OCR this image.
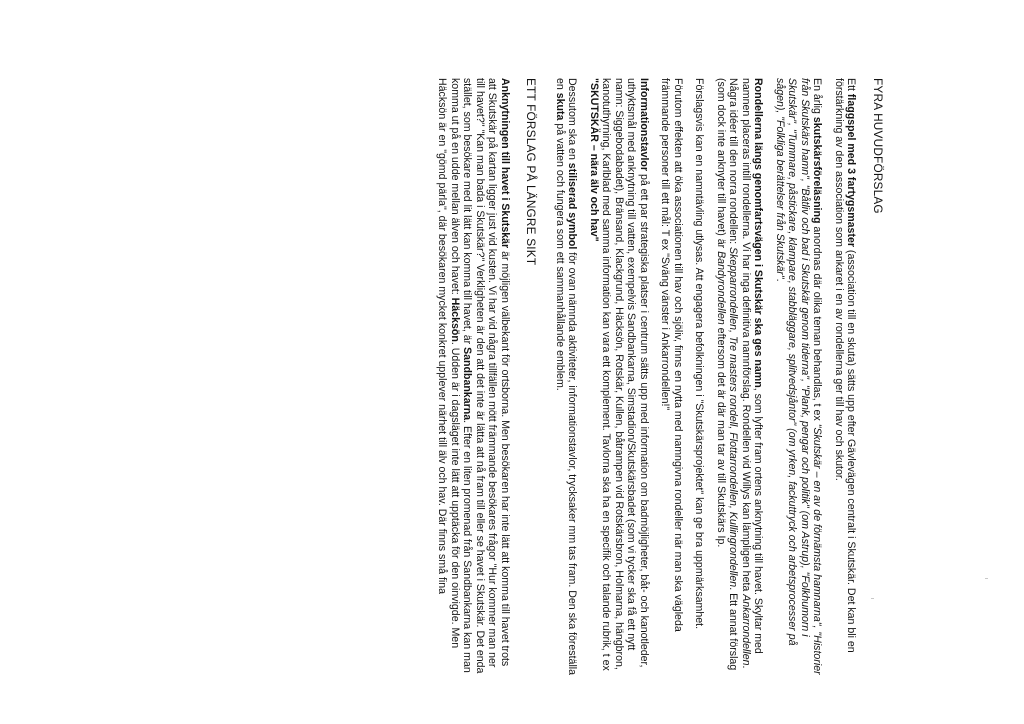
FYRA HUVUDFÖRSLAG

Ett flaggspel med 3 fartygsmaster (association till en skuta) sätts upp efter Gävlevägen centralt i Skutskär. Det kan bli en förstärkning av den association som ankaret i en av rondellerna ger till hav och skutor.

En årlig skutskärsföreläsning anordnas där olika teman behandlas, t ex "Skutskär – en av de förnämsta hamnarna", "Historier från Skutskärs hamn", "Båtliv och bad i Skutskär genom tiderna", "Plank, pengar och politik" (om Astrup), "Folkhumorn i Skutskär", "Tummare, påstickare, klampare, stabbläggare, splitvedsjåntor" (om yrken, fackuttryck och arbetsprocesser på sågen), "Folkliga berättelser från Skutskär".

Rondellerna längs genomfartsvägen i Skutskär ska ges namn, som lyfter fram ortens anknytning till havet. Skyltar med namnen placeras intill rondellerna. Vi har inga definitiva namnförslag. Rondellen vid Willys kan lämpligen heta Ankarrondellen. Några idéer till den norra rondellen: Skepparrondellen, Tre masters rondell, Flottarrondellen, Kullingrondellen. Ett annat förslag (som dock inte anknyter till havet) är Bandyrondellen eftersom det är där man tar av till Skutskärs Ip.

Förslagsvis kan en namntävling utlysas. Att engagera befolkningen i "Skutskärsprojektet" kan ge bra uppmärksamhet.

Förutom effekten att öka associationen till hav och sjöliv, finns en nytta med namngivna rondeller när man ska vägleda främmande personer till ett mål: T ex "Sväng vänster i Ankarrondellen!"

Informationstavlor på ett par strategiska platser i centrum sätts upp med information om badmöjligheter, båt- och kanotleder, uthyktsmål med anknytning till vatten, exempelvis Sandbankarna, Simstadion/Skutskärsbadet (som vi tycker ska få ett nytt namn: Siggebodabadet), Bränsand, Klackgrund, Häcksön, Rotskär, Kullen, båtrampen vid Rotskärsbron, Holmarna, hängbron, kanotuthyrning, Karlblad med samma information kan vara ett komplement. Tavlorna ska ha en specifik och talande rubrik, t ex "SKUTSKÄR – nära älv och hav"

Dessutom ska en stiliserad symbol för ovan nämnda aktiviteter, informationstavlor, trycksaker mm tas fram. Den ska föreställa en skuta på vatten och fungera som ett sammanhållande emblem.

ETT FÖRSLAG PÅ LÄNGRE SIKT

Anknytningen till havet i Skutskär är möjligen välbekant för ortsborna. Men besökaren har inte lätt att komma till havet trots att Skutskär på kartan ligger just vid kusten. Vi har vid några tillfällen mött främmande besökares frågor "Hur kommer man ner till havet?" "Kan man bada i Skutskär?" Verkligheten är den att det inte är lätta att nå fram till eller se havet i Skutskär. Det enda stället, som besökare med lit lätt kan komma till havet, är Sandbankarna. Efter en liten promenad från Sandbankarna kan man komma ut på en udde mellan älven och havet: Häcksön. Udden är i dagsläget inte lätt att upptäcka för den oinvigde. Men Häcksön är en "gömd pärla", där besökaren mycket konkret upplever närhet till älv och hav. Där finns små fina
